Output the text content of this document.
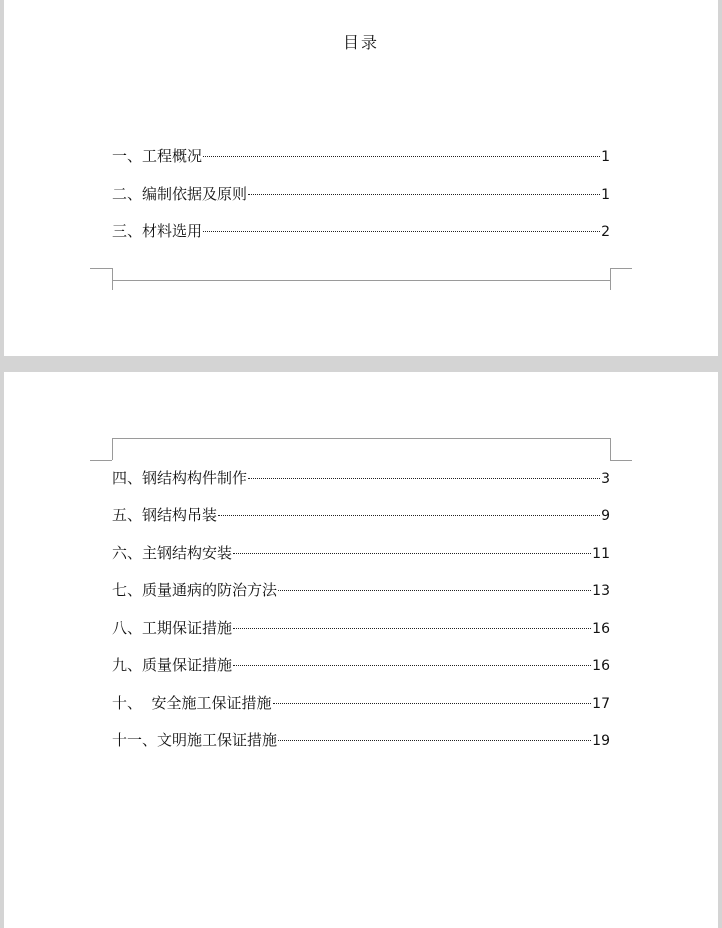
目录
一、工程概况	1
二、编制依据及原则	1
三、材料选用	2
四、钢结构构件制作	3
五、钢结构吊装	9
六、主钢结构安装	11
七、质量通病的防治方法	13
八、工期保证措施	16
九、质量保证措施	16
十、  安全施工保证措施	17
十一、文明施工保证措施	19
